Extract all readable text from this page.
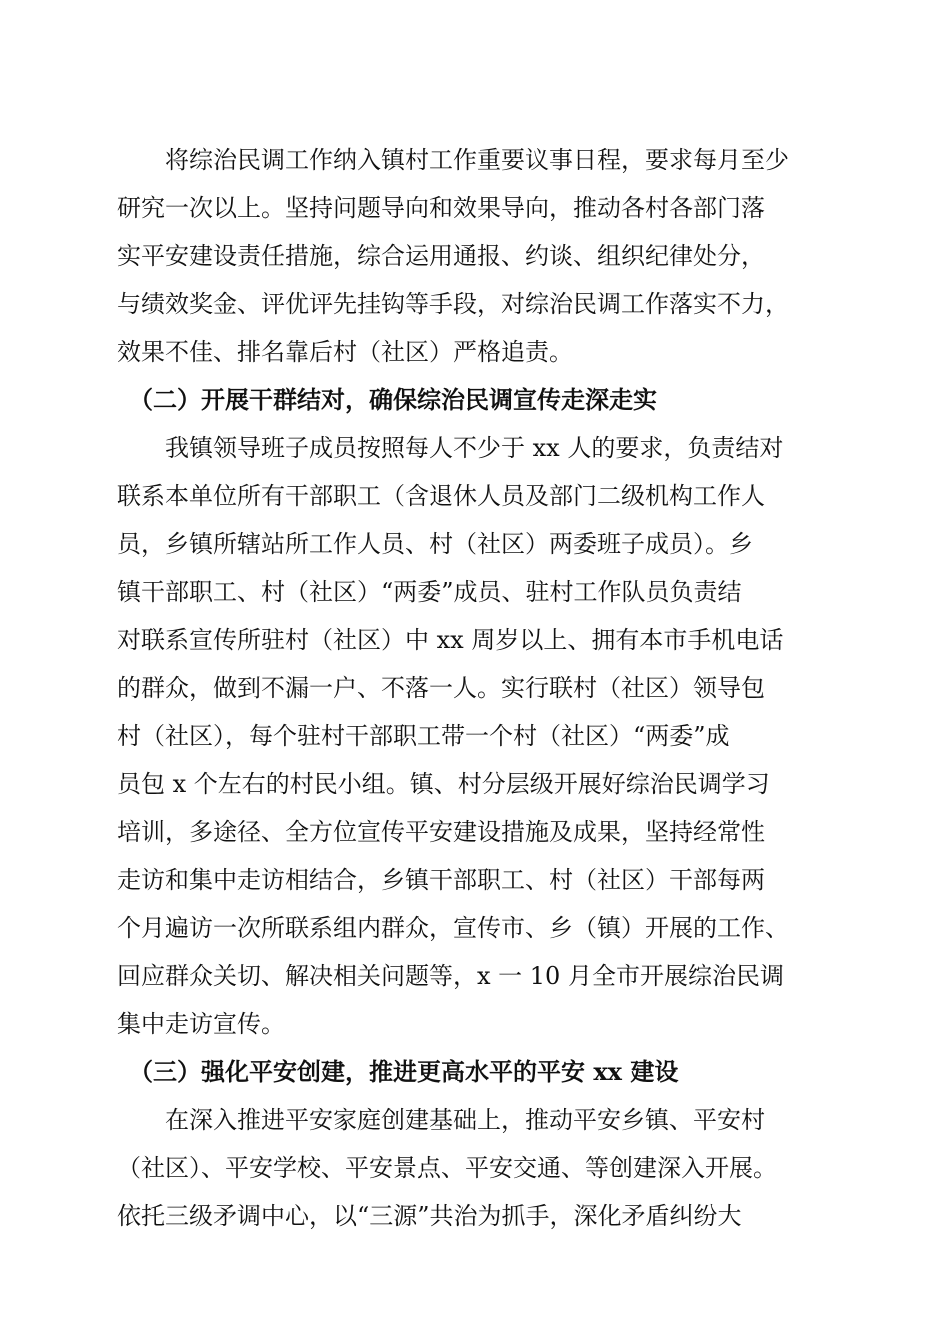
　　将综治民调工作纳入镇村工作重要议事日程，要求每月至少
研究一次以上。坚持问题导向和效果导向，推动各村各部门落
实平安建设责任措施，综合运用通报、约谈、组织纪律处分，
与绩效奖金、评优评先挂钩等手段，对综治民调工作落实不力，
效果不佳、排名靠后村（社区）严格追责。
　（二）开展干群结对，确保综治民调宣传走深走实
　　我镇领导班子成员按照每人不少于 xx 人的要求，负责结对
联系本单位所有干部职工（含退休人员及部门二级机构工作人
员，乡镇所辖站所工作人员、村（社区）两委班子成员）。乡
镇干部职工、村（社区）“两委”成员、驻村工作队员负责结
对联系宣传所驻村（社区）中 xx 周岁以上、拥有本市手机电话
的群众，做到不漏一户、不落一人。实行联村（社区）领导包
村（社区），每个驻村干部职工带一个村（社区）“两委”成
员包 x 个左右的村民小组。镇、村分层级开展好综治民调学习
培训，多途径、全方位宣传平安建设措施及成果，坚持经常性
走访和集中走访相结合，乡镇干部职工、村（社区）干部每两
个月遍访一次所联系组内群众，宣传市、乡（镇）开展的工作、
回应群众关切、解决相关问题等，x 一 10 月全市开展综治民调
集中走访宣传。
　（三）强化平安创建，推进更高水平的平安 xx 建设
　　在深入推进平安家庭创建基础上，推动平安乡镇、平安村
（社区）、平安学校、平安景点、平安交通、等创建深入开展。
依托三级矛调中心，以“三源”共治为抓手，深化矛盾纠纷大
